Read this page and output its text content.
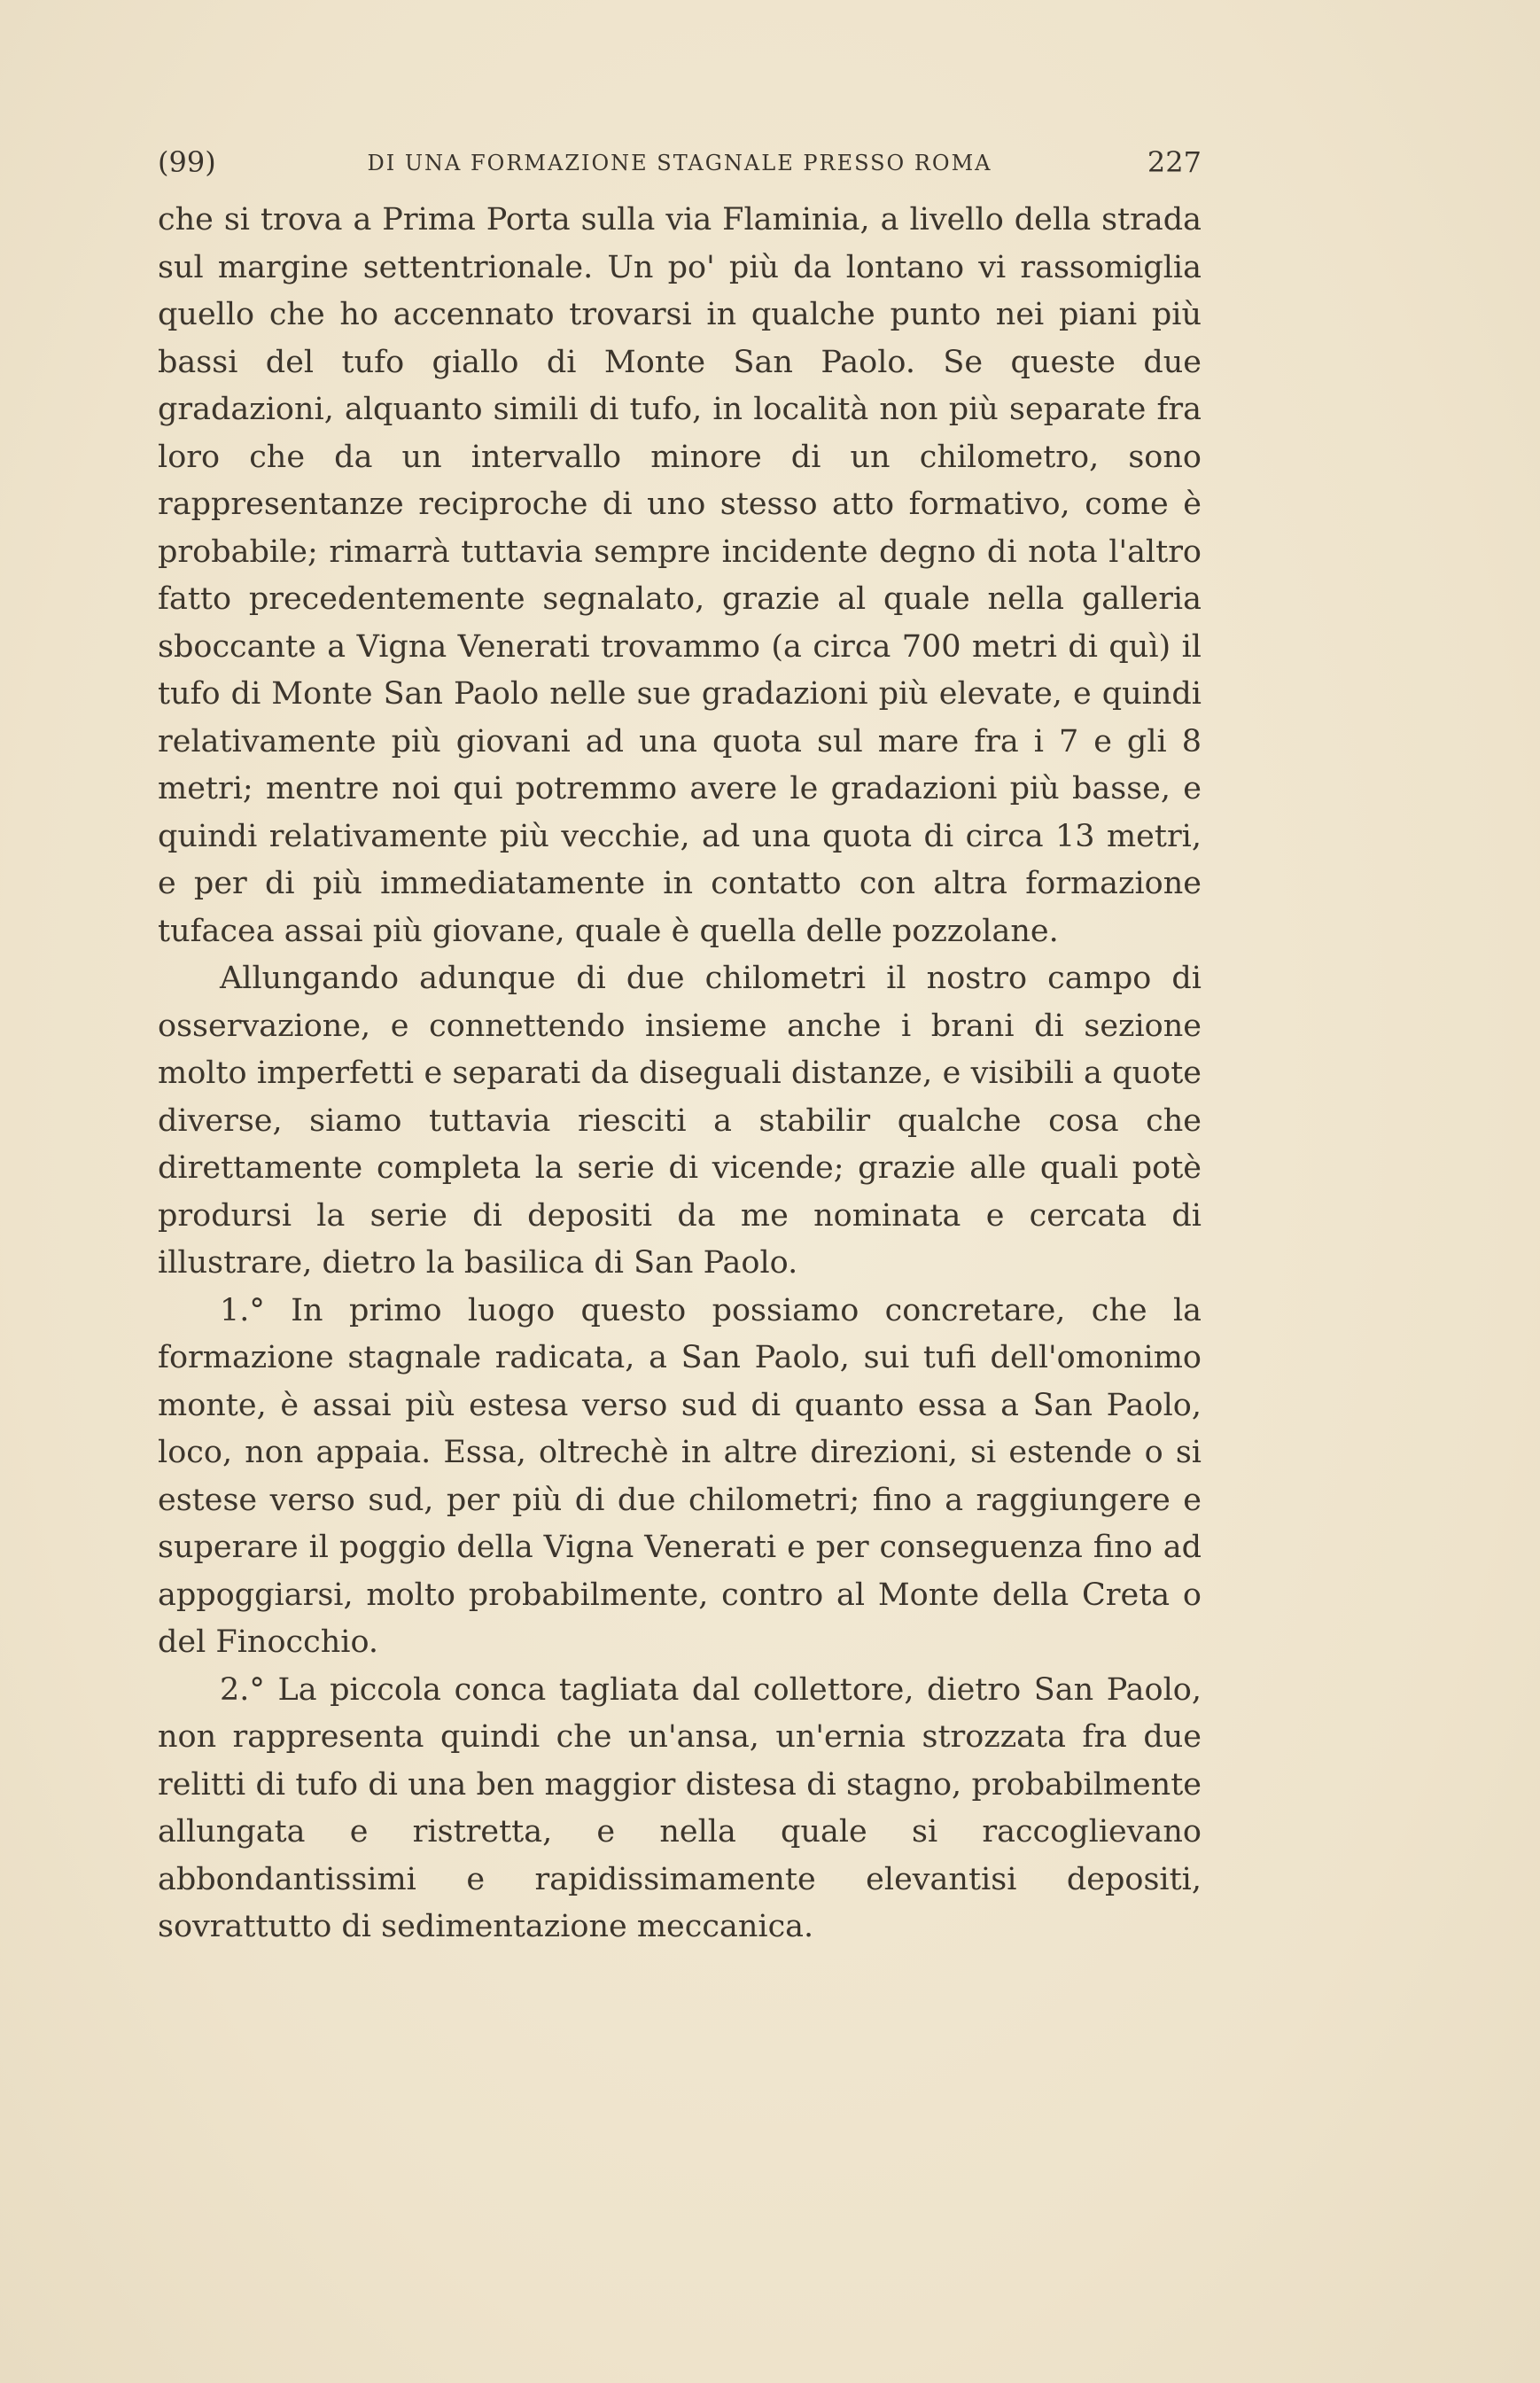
(99)	DI UNA FORMAZIONE STAGNALE PRESSO ROMA	227

che si trova a Prima Porta sulla via Flaminia, a livello della strada sul margine settentrionale. Un po' più da lontano vi rassomiglia quello che ho accennato trovarsi in qualche punto nei piani più bassi del tufo giallo di Monte San Paolo. Se queste due gradazioni, alquanto simili di tufo, in località non più separate fra loro che da un intervallo minore di un chilometro, sono rappresentanze reciproche di uno stesso atto formativo, come è probabile; rimarrà tuttavia sempre incidente degno di nota l'altro fatto precedentemente segnalato, grazie al quale nella galleria sboccante a Vigna Venerati trovammo (a circa 700 metri di quì) il tufo di Monte San Paolo nelle sue gradazioni più elevate, e quindi relativamente più giovani ad una quota sul mare fra i 7 e gli 8 metri; mentre noi qui potremmo avere le gradazioni più basse, e quindi relativamente più vecchie, ad una quota di circa 13 metri, e per di più immediatamente in contatto con altra formazione tufacea assai più giovane, quale è quella delle pozzolane.

Allungando adunque di due chilometri il nostro campo di osservazione, e connettendo insieme anche i brani di sezione molto imperfetti e separati da diseguali distanze, e visibili a quote diverse, siamo tuttavia riesciti a stabilir qualche cosa che direttamente completa la serie di vicende; grazie alle quali potè prodursi la serie di depositi da me nominata e cercata di illustrare, dietro la basilica di San Paolo.

1.° In primo luogo questo possiamo concretare, che la formazione stagnale radicata, a San Paolo, sui tufi dell'omonimo monte, è assai più estesa verso sud di quanto essa a San Paolo, loco, non appaia. Essa, oltrechè in altre direzioni, si estende o si estese verso sud, per più di due chilometri; fino a raggiungere e superare il poggio della Vigna Venerati e per conseguenza fino ad appoggiarsi, molto probabilmente, contro al Monte della Creta o del Finocchio.

2.° La piccola conca tagliata dal collettore, dietro San Paolo, non rappresenta quindi che un'ansa, un'ernia strozzata fra due relitti di tufo di una ben maggior distesa di stagno, probabilmente allungata e ristretta, e nella quale si raccoglievano abbondantissimi e rapidissimamente elevantisi depositi, sovrattutto di sedimentazione meccanica.
